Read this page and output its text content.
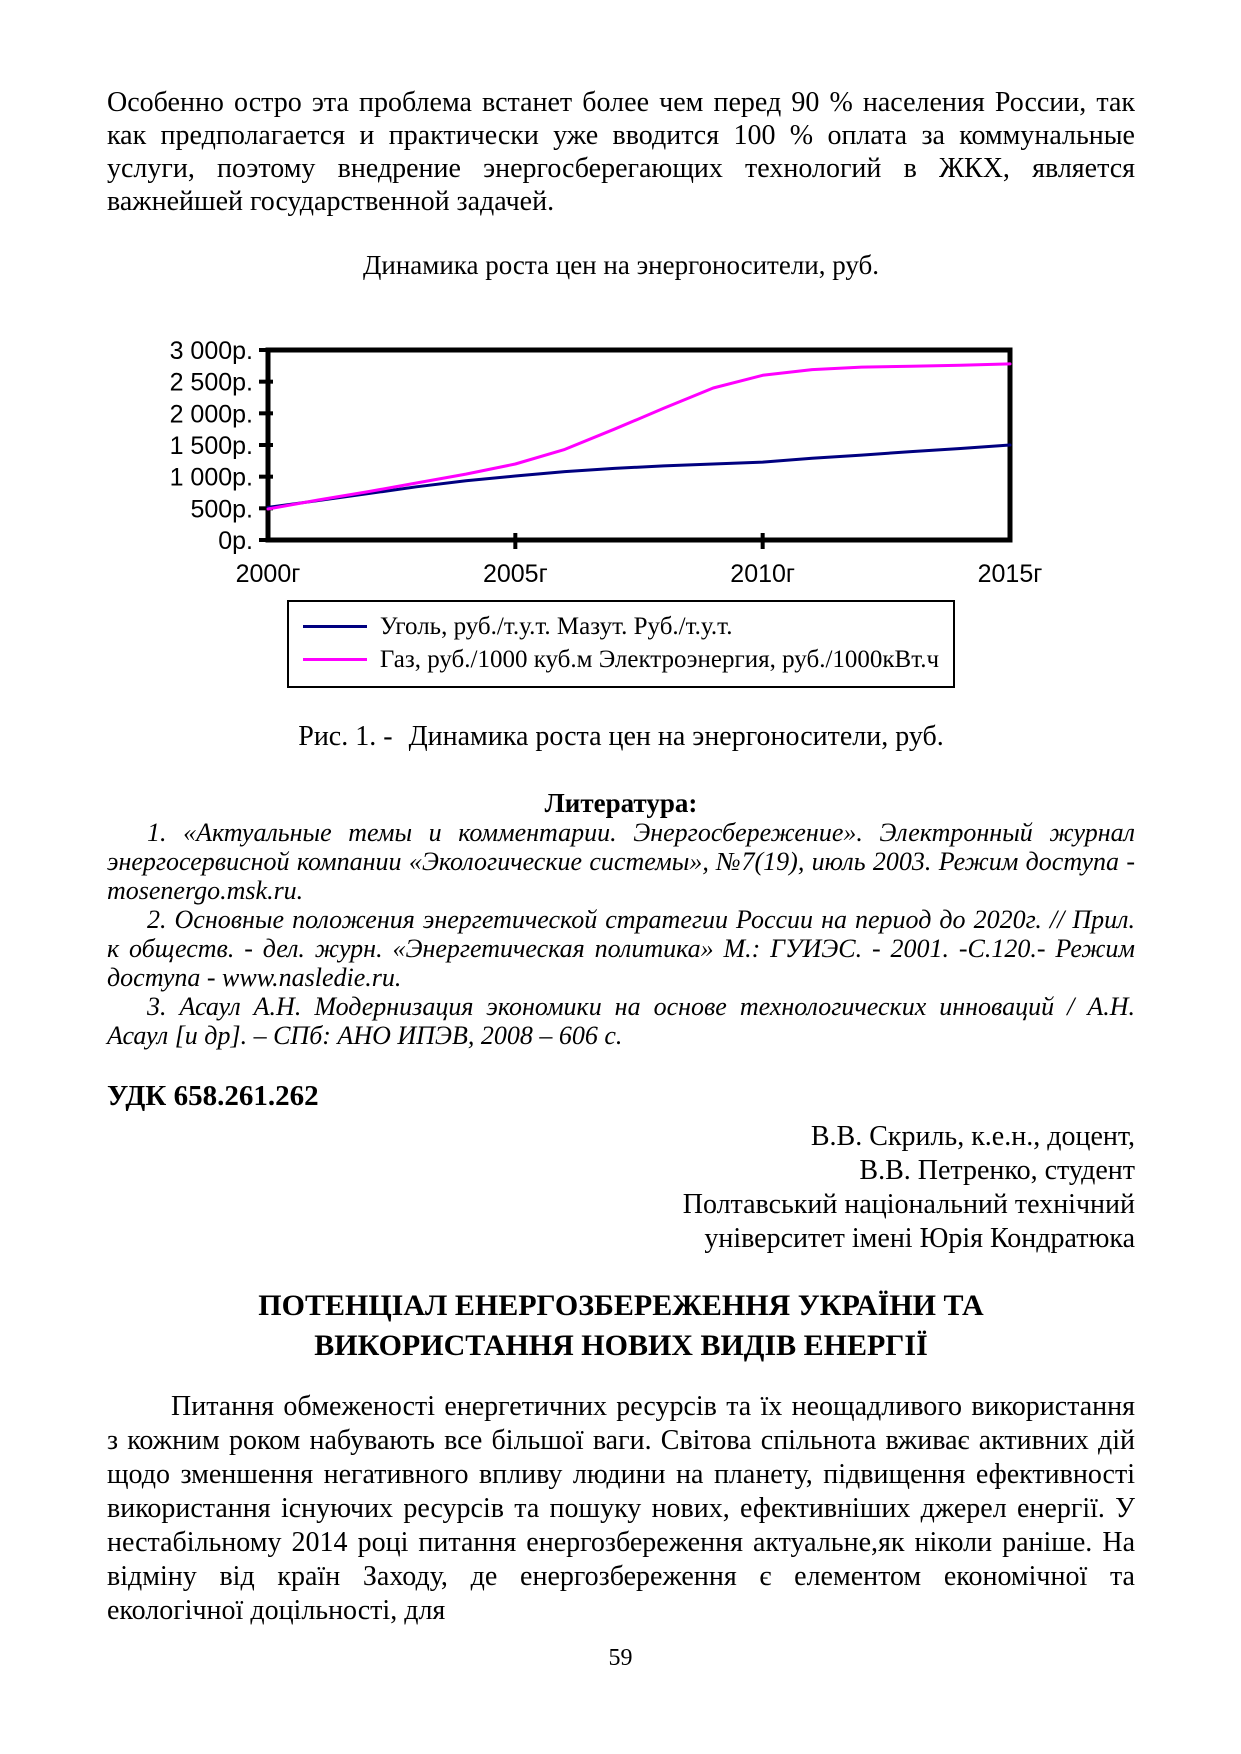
Особенно остро эта проблема встанет более чем перед 90 % населения России, так как предполагается и практически уже вводится 100 % оплата за коммунальные услуги, поэтому внедрение энергосберегающих технологий в ЖКХ, является важнейшей государственной задачей.

Динамика роста цен на энергоносители, руб.
0р.
500р.
1 000р.
1 500р.
2 000р.
2 500р.
3 000р.
2000г	2005г	2010г	2015г
Уголь, руб./т.у.т. Мазут. Руб./т.у.т.
Газ, руб./1000 куб.м Электроэнергия, руб./1000кВт.ч
Рис. 1. - Динамика роста цен на энергоносители, руб.
Литература:

1. «Актуальные темы и комментарии. Энергосбережение». Электронный журнал энергосервисной компании «Экологические системы», №7(19), июль 2003. Режим доступа - mosenergo.msk.ru.

2. Основные положения энергетической стратегии России на период до 2020г. // Прил. к обществ. - дел. журн. «Энергетическая политика» М.: ГУИЭС. - 2001. -С.120.- Режим доступа - www.nasledie.ru.

3. Асаул А.Н. Модернизация экономики на основе технологических инноваций / А.Н. Асаул [и др]. – СПб: АНО ИПЭВ, 2008 – 606 с.

УДК 658.261.262
В.В. Скриль, к.е.н., доцент,
В.В. Петренко, студент
Полтавський національний технічний
університет імені Юрія Кондратюка
ПОТЕНЦІАЛ ЕНЕРГОЗБЕРЕЖЕННЯ УКРАЇНИ ТА ВИКОРИСТАННЯ НОВИХ ВИДІВ ЕНЕРГІЇ

Питання обмеженості енергетичних ресурсів та їх неощадливого використання з кожним роком набувають все більшої ваги. Світова спільнота вживає активних дій щодо зменшення негативного впливу людини на планету, підвищення ефективності використання існуючих ресурсів та пошуку нових, ефективніших джерел енергії. У нестабільному 2014 році питання енергозбереження актуальне,як ніколи раніше. На відміну від країн Заходу, де енергозбереження є елементом економічної та екологічної доцільності, для

59
